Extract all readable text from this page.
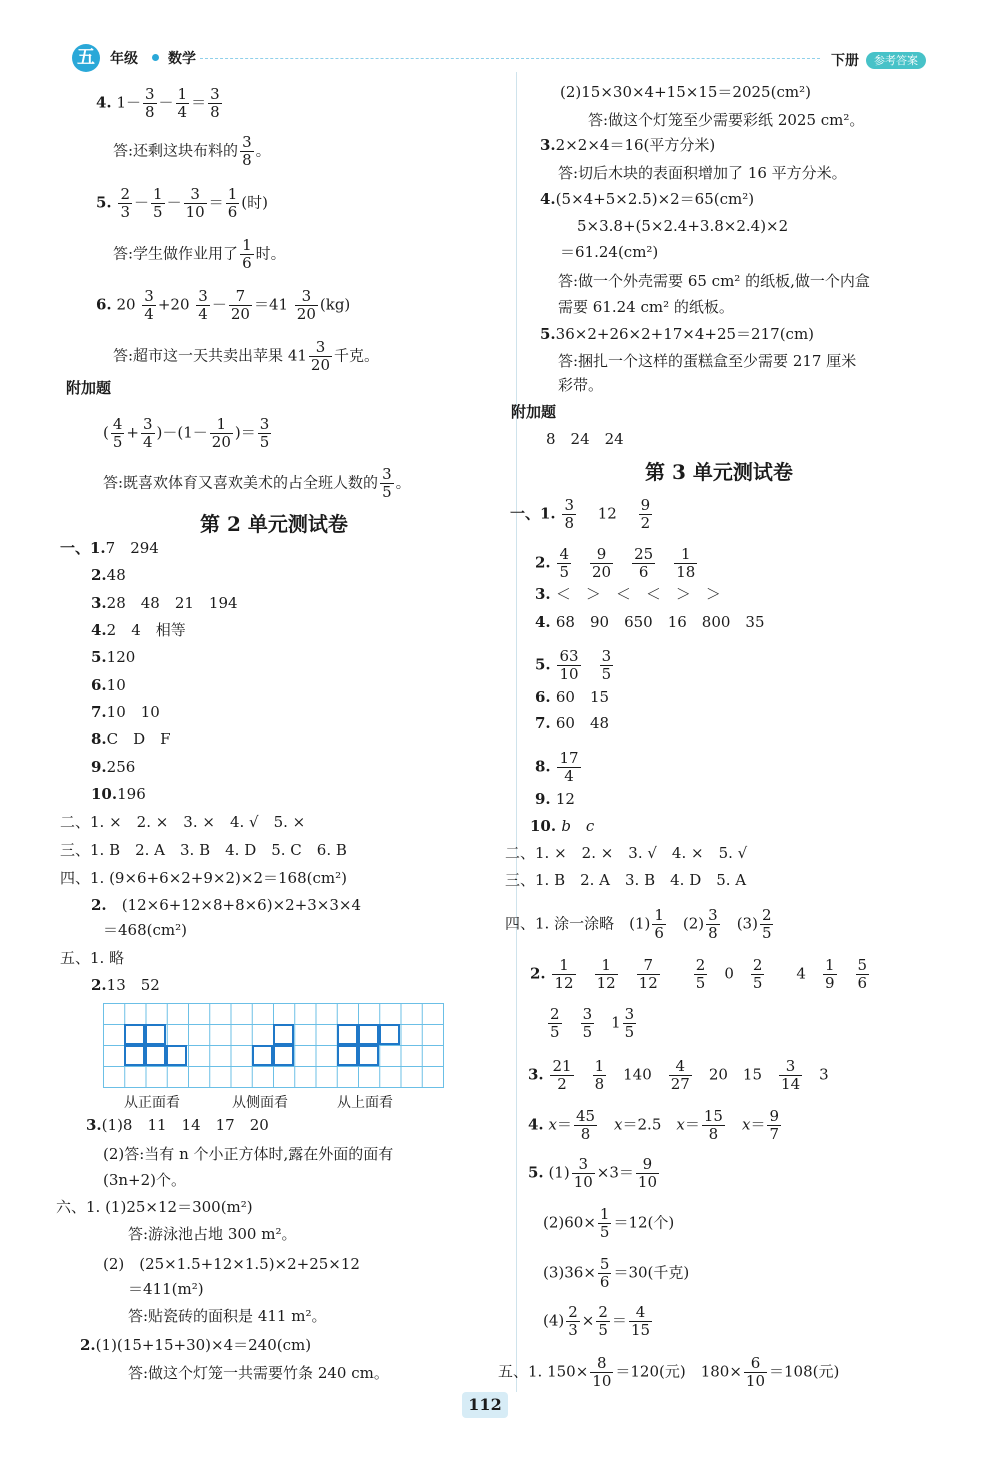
五	年级 数学	下册	参考答案
4. $1- \frac{3}{8} - \frac{1}{4} = \frac{3}{8}$
答:还剩这块布料的 $\frac{3}{8}$ 。
5. $\frac{2}{3} - \frac{1}{5} - \frac{3}{10} = \frac{1}{6}$ (时)
答:学生做作业用了 $\frac{1}{6}$ 时。
6. $20 \frac{3}{4} +20 \frac{3}{4} - \frac{7}{20} =41 \frac{3}{20} (kg)$
答:超市这一天共卖出苹果 $41 \frac{3}{20}$ 千克。
附加题
( $\frac{4}{5} + \frac{3}{4} )-(1- \frac{1}{20}$ )＝ $\frac{3}{5}$
答:既喜欢体育又喜欢美术的占全班人数的 $\frac{3}{5}$ 。
第 2 单元测试卷
一、1.7　294
2.48
3.28　48　21　194
4.2　4　相等
5.120
6.10
7.10　10
8.C　D　F
9.256
10.196
二、1. ×　2. ×　3. ×　4. √　5. ×
三、1. B　2. A　3. B　4. D　5. C　6. B
四、1. (9×6+6×2+9×2)×2＝168(cm²)
2.　 (12×6+12×8+8×6)×2+3×3×4
＝468(cm²)
五、1. 略
2.13　52
从正面看	从侧面看	从上面看
3.(1)8　11　14　17　20
(2)答:当有 n 个小正方体时,露在外面的面有
(3n+2)个。
六、1. (1)25×12＝300(m²)
答:游泳池占地 300 m²。
(2)　(25×1.5+12×1.5)×2+25×12
＝411(m²)
答:贴瓷砖的面积是 411 m²。
2.(1)(15+15+30)×4＝240(cm)
答:做这个灯笼一共需要竹条 240 cm。
(2)15×30×4+15×15＝2025(cm²)
答:做这个灯笼至少需要彩纸 2025 cm²。
3.2×2×4＝16(平方分米)
答:切后木块的表面积增加了 16 平方分米。
4.(5×4+5×2.5)×2＝65(cm²)
5×3.8+(5×2.4+3.8×2.4)×2
＝61.24(cm²)
答:做一个外壳需要 65 cm² 的纸板,做一个内盒
需要 61.24 cm² 的纸板。
5.36×2+26×2+17×4+25＝217(cm)
答:捆扎一个这样的蛋糕盒至少需要 217 厘米
彩带。
附加题
8　24　24
第 3 单元测试卷
一、1. $\frac{3}{8}$ 　 12 　 $\frac{9}{2}$
2. $\frac{4}{5}$
　 $\frac{9}{20}$
　 $\frac{25}{6}$
　 $\frac{1}{18}$
3. ＜　＞　＜　＜　＞　＞
4. 68　90　650　16　800　35
5. $\frac{63}{10}$
　 $\frac{3}{5}$
6. 60　15
7. 60　48
8. $\frac{17}{4}$
9. 12
10. b　c
二、1. ×　2. ×　3. √　4. ×　5. √
三、1. B　2. A　3. B　4. D　5. A
四、1. 涂一涂略　$(1) \frac{1}{6}$ 　$(2) \frac{3}{8}$ 　$(3) \frac{2}{5}$
2. $\frac{1}{12}$
　 $\frac{1}{12}$
　 $\frac{7}{12}$
　　 $\frac{2}{5}$ 　0　 $\frac{2}{5}$ 　　4　 $\frac{1}{9}$
　 $\frac{5}{6}$
$\frac{2}{5}$
　 $\frac{3}{5}$ 　$1 \frac{3}{5}$
3. $\frac{21}{2}$
　 $\frac{1}{8}$ 　140　 $\frac{4}{27}$ 　20　15　 $\frac{3}{14}$ 　3
4. $x= \frac{45}{8}$
　 x＝2.5　$x= \frac{15}{8}$
　 $x= \frac{9}{7}$
5. $(1) \frac{3}{10} \times 3= \frac{9}{10}$
$(2)60\times \frac{1}{5} =12$(个)
$(3)36\times \frac{5}{6} =30$(千克)
$(4) \frac{2}{3} \times \frac{2}{5} = \frac{4}{15}$
五、1. $150\times \frac{8}{10} =120$(元)　$180\times \frac{6}{10} =108$(元)
112
